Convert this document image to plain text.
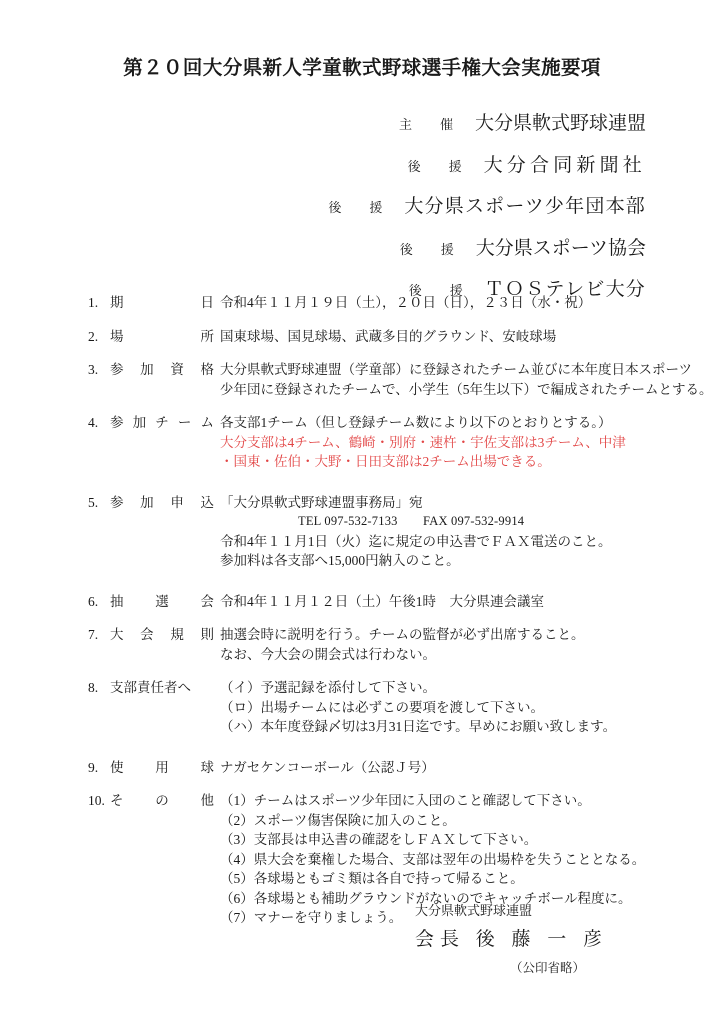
第２０回大分県新人学童軟式野球選手権大会実施要項
主催 大分県軟式野球連盟
後援 大分合同新聞社
後援 大分県スポーツ少年団本部
後援 大分県スポーツ協会
後援 ＴＯＳテレビ大分
1. 期日 令和4年１１月１９日（土），２０日（日），２３日（水・祝）
2. 場所 国東球場、国見球場、武蔵多目的グラウンド、安岐球場
3. 参加資格 大分県軟式野球連盟（学童部）に登録されたチーム並びに本年度日本スポーツ
少年団に登録されたチームで、小学生（5年生以下）で編成されたチームとする。
4. 参加チーム 各支部1チーム（但し登録チーム数により以下のとおりとする。）
大分支部は4チーム、鶴崎・別府・速杵・宇佐支部は3チーム、中津
・国東・佐伯・大野・日田支部は2チーム出場できる。
5. 参加申込 「大分県軟式野球連盟事務局」宛
TEL 097-532-7133　　FAX 097-532-9914
令和4年１１月1日（火）迄に規定の申込書でＦＡＸ電送のこと。
参加料は各支部へ15,000円納入のこと。
6. 抽選会 令和4年１１月１２日（土）午後1時　大分県連会議室
7. 大会規則 抽選会時に説明を行う。チームの監督が必ず出席すること。
なお、今大会の開会式は行わない。
8. 支部責任者へ	（イ）予選記録を添付して下さい。
（ロ）出場チームには必ずこの要項を渡して下さい。
（ハ）本年度登録〆切は3月31日迄です。早めにお願い致します。
9. 使用球 ナガセケンコーボール（公認Ｊ号）
10. その他 （1）チームはスポーツ少年団に入団のこと確認して下さい。
（2）スポーツ傷害保険に加入のこと。
（3）支部長は申込書の確認をしＦＡＸして下さい。
（4）県大会を棄権した場合、支部は翌年の出場枠を失うこととなる。
（5）各球場ともゴミ類は各自で持って帰ること。
（6）各球場とも補助グラウンドがないのでキャッチボール程度に。
（7）マナーを守りましょう。 大分県軟式野球連盟
会長 後 藤 一 彦
（公印省略）
